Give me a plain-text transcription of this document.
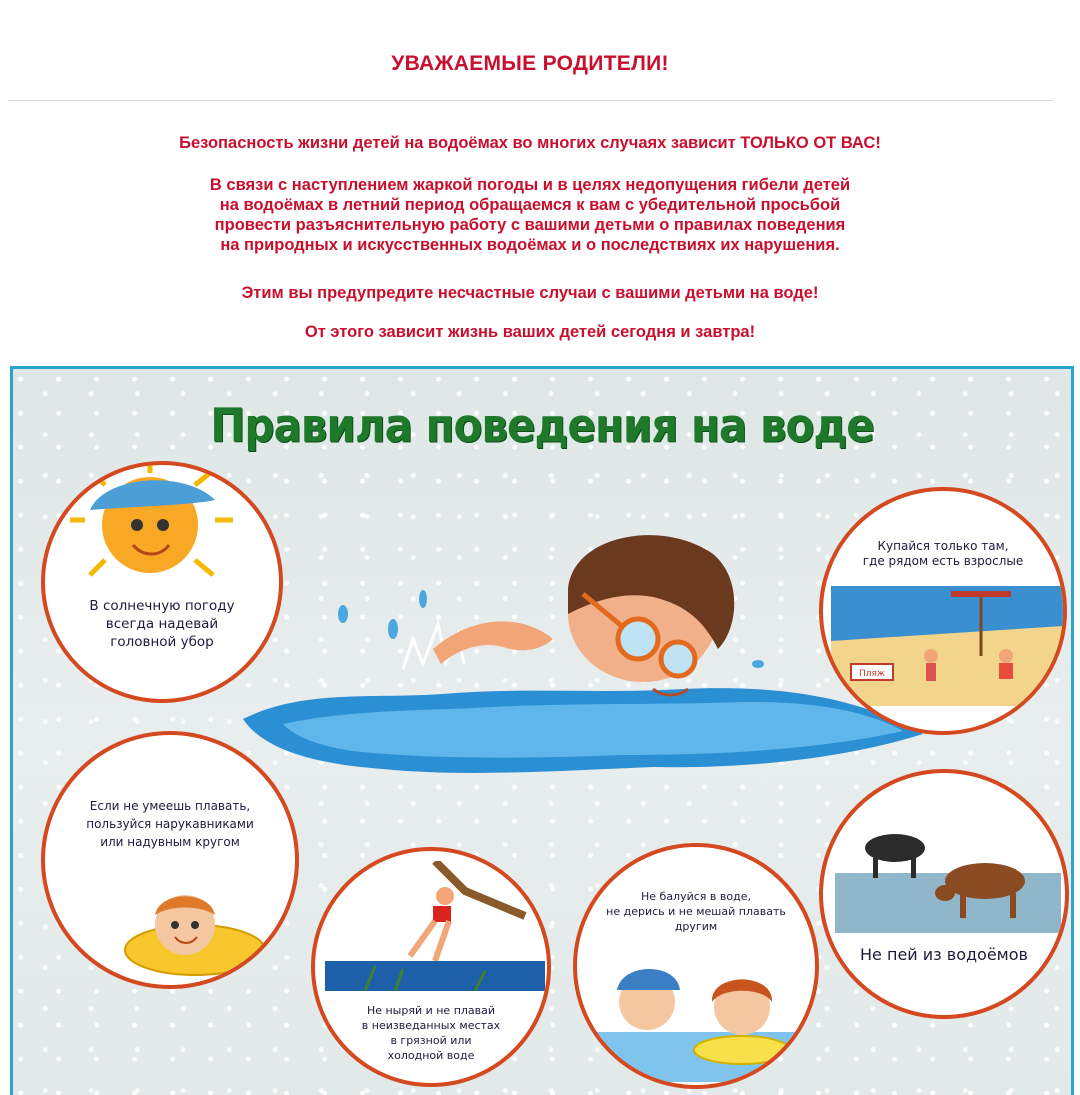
УВАЖАЕМЫЕ РОДИТЕЛИ!
Безопасность жизни детей на водоёмах во многих случаях зависит ТОЛЬКО ОТ ВАС!
В связи с наступлением жаркой погоды и в целях недопущения гибели детей
на водоёмах в летний период обращаемся к вам с убедительной просьбой
провести разъяснительную работу с вашими детьми о правилах поведения
на природных и искусственных водоёмах и о последствиях их нарушения.
Этим вы предупредите несчастные случаи с вашими детьми на воде!
От этого зависит жизнь ваших детей сегодня и завтра!
Правила поведения на воде
В солнечную погоду
всегда надевай
головной убор
Купайся только там,
где рядом есть взрослые
Пляж
Если не умеешь плавать,
пользуйся нарукавниками
или надувным кругом
Не ныряй и не плавай
в неизведанных местах
в грязной или
холодной воде
Не балуйся в воде,
не дерись и не мешай плавать
другим
Не пей из водоёмов
